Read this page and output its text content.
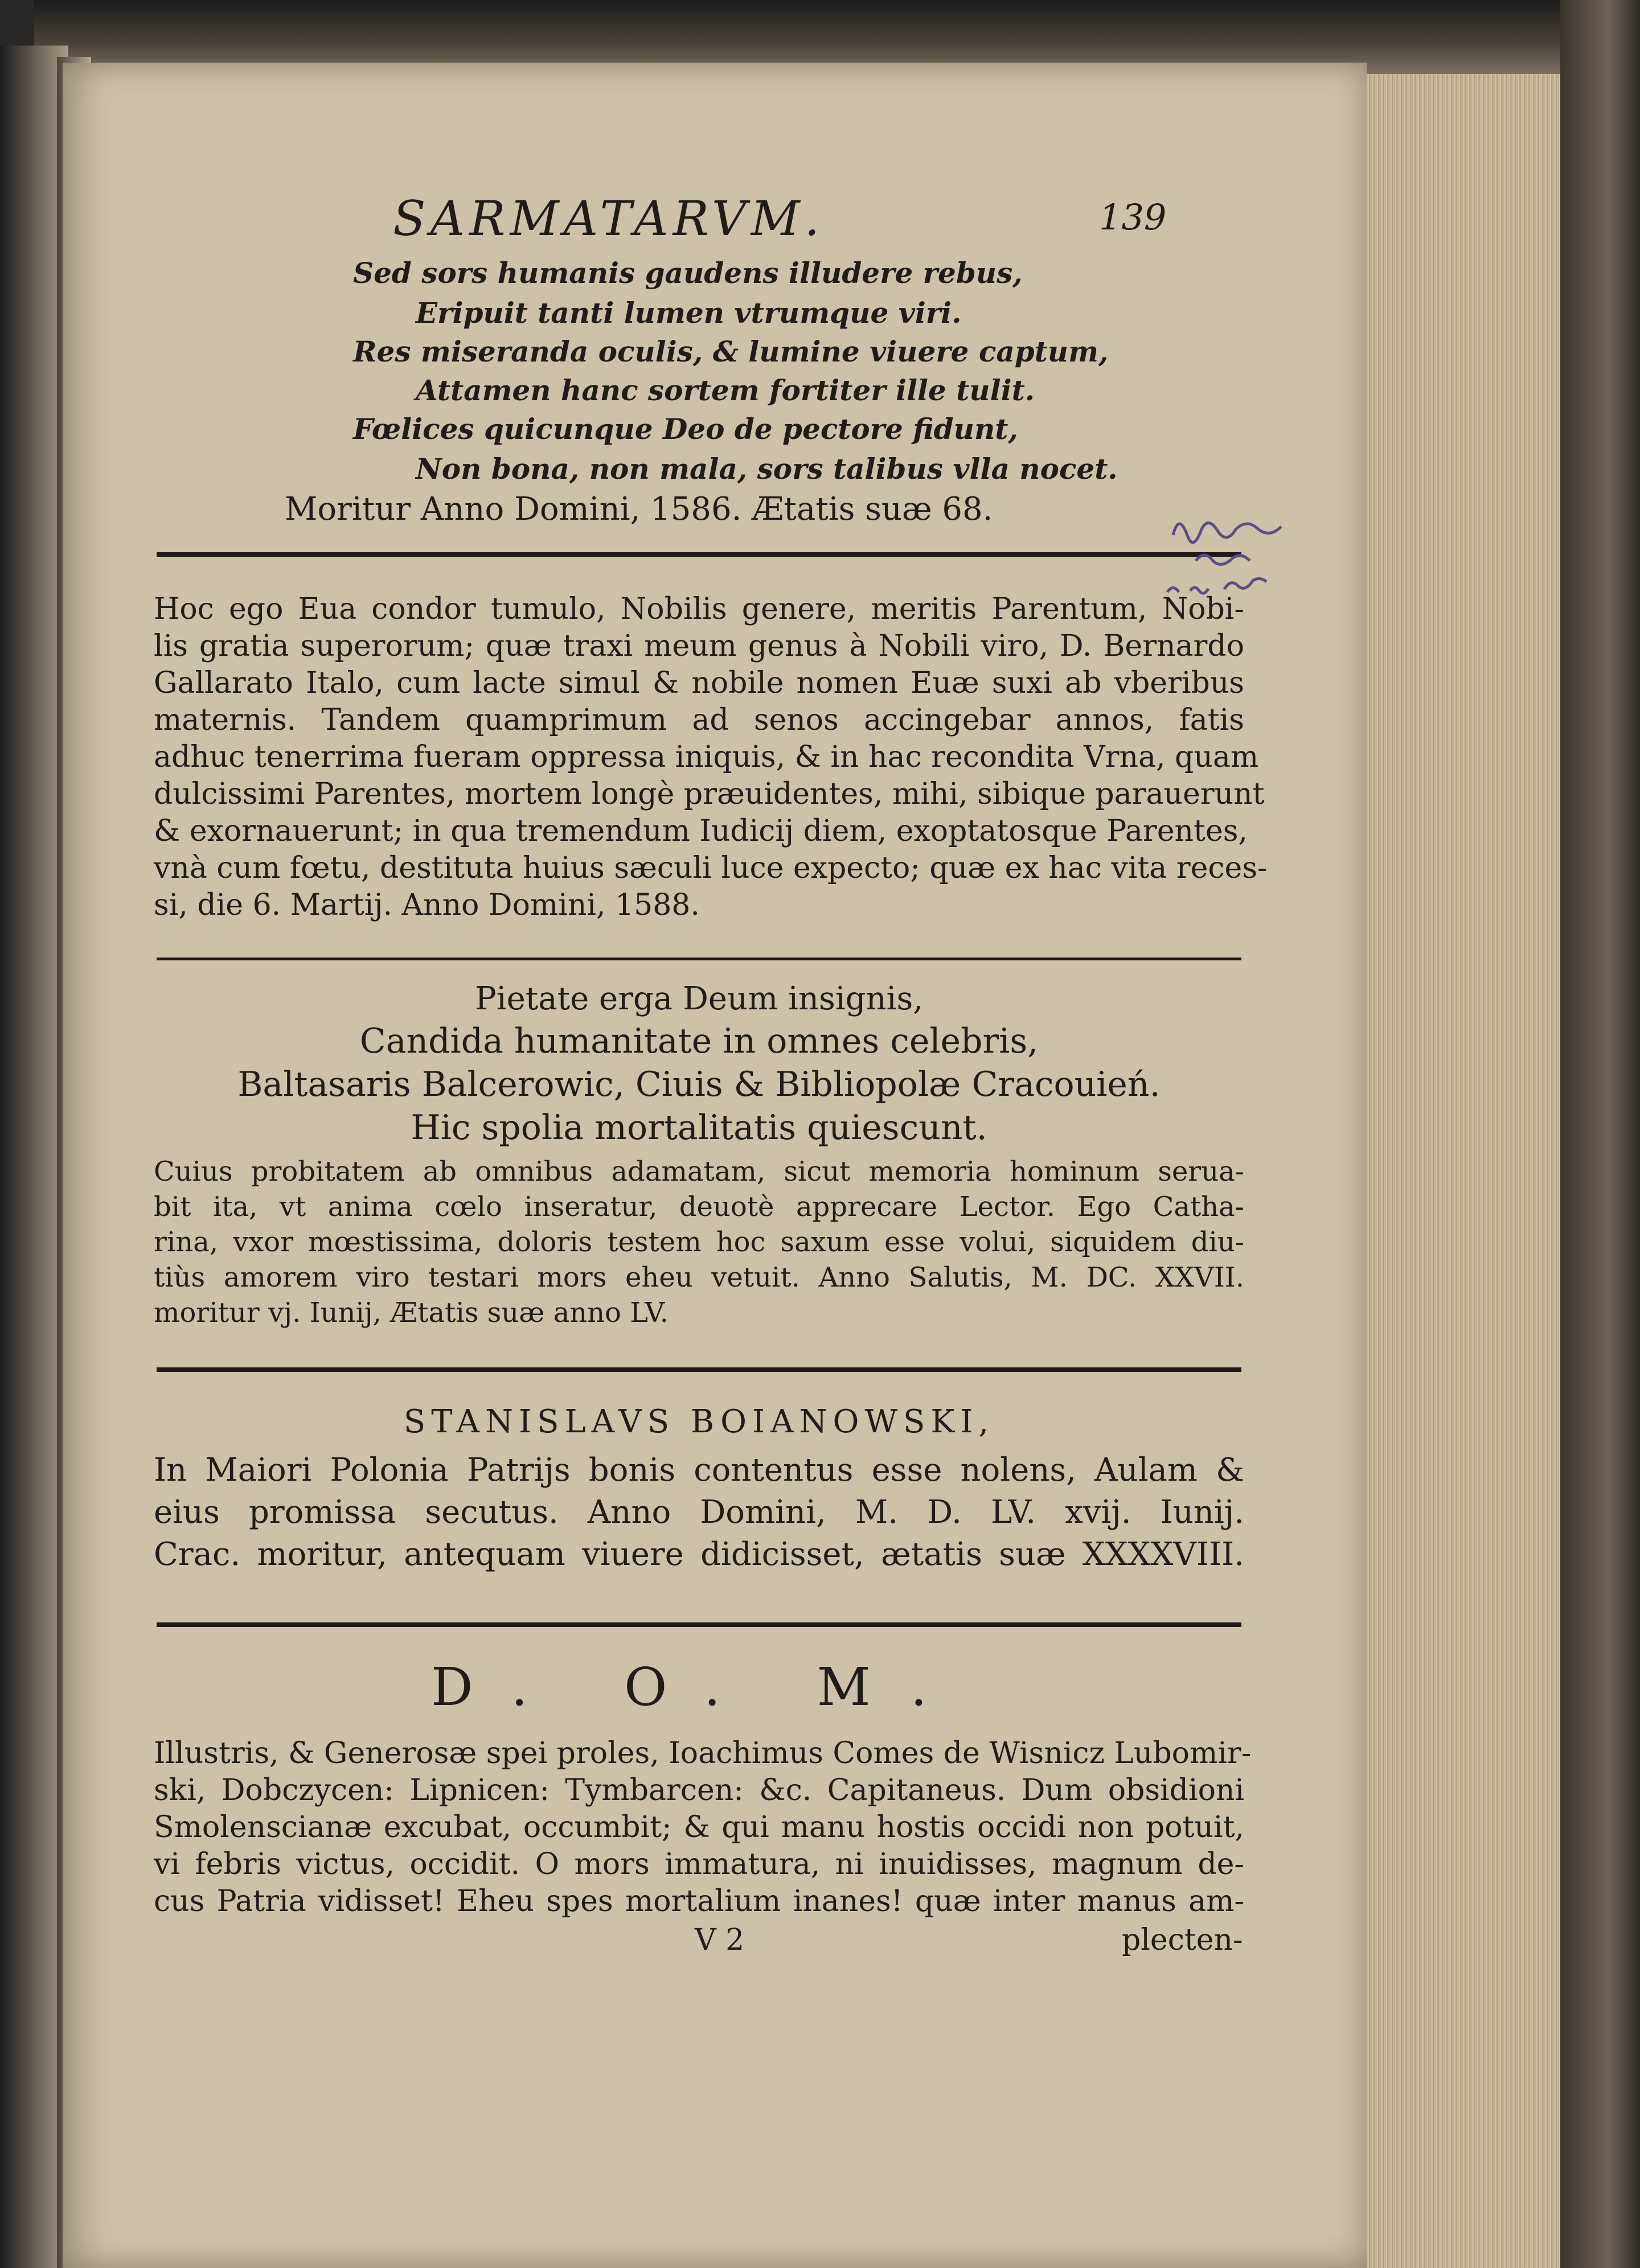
SARMATARVM.	139
Sed sors humanis gaudens illudere rebus,
Eripuit tanti lumen vtrumque viri.
Res miseranda oculis, & lumine viuere captum,
Attamen hanc sortem fortiter ille tulit.
Fœlices quicunque Deo de pectore fidunt,
Non bona, non mala, sors talibus vlla nocet.
Moritur Anno Domini, 1586. Ætatis suæ 68.
Hoc ego Eua condor tumulo, Nobilis genere, meritis Parentum, Nobi-
lis gratia superorum; quæ traxi meum genus à Nobili viro, D. Bernardo
Gallarato Italo, cum lacte simul & nobile nomen Euæ suxi ab vberibus
maternis. Tandem quamprimum ad senos accingebar annos, fatis
adhuc tenerrima fueram oppressa iniquis, & in hac recondita Vrna, quam
dulcissimi Parentes, mortem longè præuidentes, mihi, sibique parauerunt
& exornauerunt; in qua tremendum Iudicij diem, exoptatosque Parentes,
vnà cum fœtu, destituta huius sæculi luce expecto; quæ ex hac vita reces-
si, die 6. Martij. Anno Domini, 1588.
Pietate erga Deum insignis,
Candida humanitate in omnes celebris,
Baltasaris Balcerowic, Ciuis & Bibliopolæ Cracouień.
Hic spolia mortalitatis quiescunt.
Cuius probitatem ab omnibus adamatam, sicut memoria hominum serua-
bit ita, vt anima cœlo inseratur, deuotè apprecare Lector. Ego Catha-
rina, vxor mœstissima, doloris testem hoc saxum esse volui, siquidem diu-
tiùs amorem viro testari mors eheu vetuit. Anno Salutis, M. DC. XXVII.
moritur vj. Iunij, Ætatis suæ anno LV.
STANISLAVS BOIANOWSKI,
In Maiori Polonia Patrijs bonis contentus esse nolens, Aulam &
eius promissa secutus. Anno Domini, M. D. LV. xvij. Iunij.
Crac. moritur, antequam viuere didicisset, ætatis suæ XXXXVIII.
D. O. M.
Illustris, & Generosæ spei proles, Ioachimus Comes de Wisnicz Lubomir-
ski, Dobczycen: Lipnicen: Tymbarcen: &c. Capitaneus. Dum obsidioni
Smolenscianæ excubat, occumbit; & qui manu hostis occidi non potuit,
vi febris victus, occidit. O mors immatura, ni inuidisses, magnum de-
cus Patria vidisset! Eheu spes mortalium inanes! quæ inter manus am-
V 2	plecten-
